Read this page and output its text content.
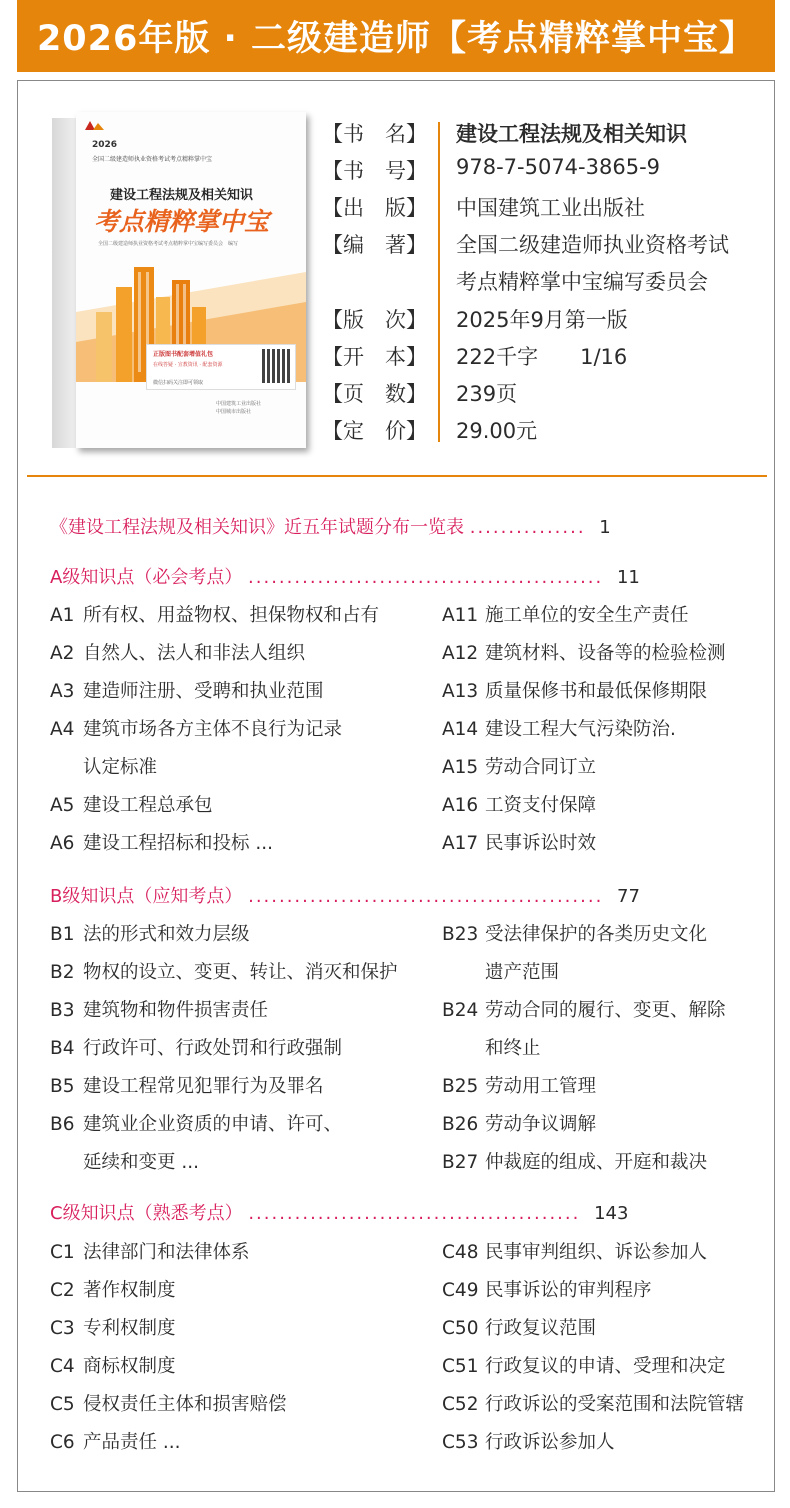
2026年版 · 二级建造师【考点精粹掌中宝】
2026
全国二级建造师执业资格考试考点精粹掌中宝
建设工程法规及相关知识
考点精粹掌中宝
全国二级建造师执业资格考试考点精粹掌中宝编写委员会　编写
正版图书配套增值礼包
在线答疑 · 宣教资讯 · 配套资源
微信扫码关注即可领取
中国建筑工业出版社
中国城市出版社
【书　名】	建设工程法规及相关知识
【书　号】	978-7-5074-3865-9
【出　版】	中国建筑工业出版社
【编　著】	全国二级建造师执业资格考试
考点精粹掌中宝编写委员会
【版　次】	2025年9月第一版
【开　本】	222千字　　1/16
【页　数】	239页
【定　价】	29.00元
《建设工程法规及相关知识》近五年试题分布一览表 ............... 1
A级知识点（必会考点） .............................................. 11
B级知识点（应知考点） .............................................. 77
C级知识点（熟悉考点） ........................................... 143
A1 所有权、用益物权、担保物权和占有
A2 自然人、法人和非法人组织
A3 建造师注册、受聘和执业范围
A4 建筑市场各方主体不良行为记录
认定标准
A5 建设工程总承包
A6 建设工程招标和投标 ...
A11 施工单位的安全生产责任
A12 建筑材料、设备等的检验检测
A13 质量保修书和最低保修期限
A14 建设工程大气污染防治.
A15 劳动合同订立
A16 工资支付保障
A17 民事诉讼时效
B1 法的形式和效力层级
B2 物权的设立、变更、转让、消灭和保护
B3 建筑物和物件损害责任
B4 行政许可、行政处罚和行政强制
B5 建设工程常见犯罪行为及罪名
B6 建筑业企业资质的申请、许可、
延续和变更 ...
B23 受法律保护的各类历史文化
遗产范围
B24 劳动合同的履行、变更、解除
和终止
B25 劳动用工管理
B26 劳动争议调解
B27 仲裁庭的组成、开庭和裁决
C1 法律部门和法律体系
C2 著作权制度
C3 专利权制度
C4 商标权制度
C5 侵权责任主体和损害赔偿
C6 产品责任 ...
C48 民事审判组织、诉讼参加人
C49 民事诉讼的审判程序
C50 行政复议范围
C51 行政复议的申请、受理和决定
C52 行政诉讼的受案范围和法院管辖
C53 行政诉讼参加人
